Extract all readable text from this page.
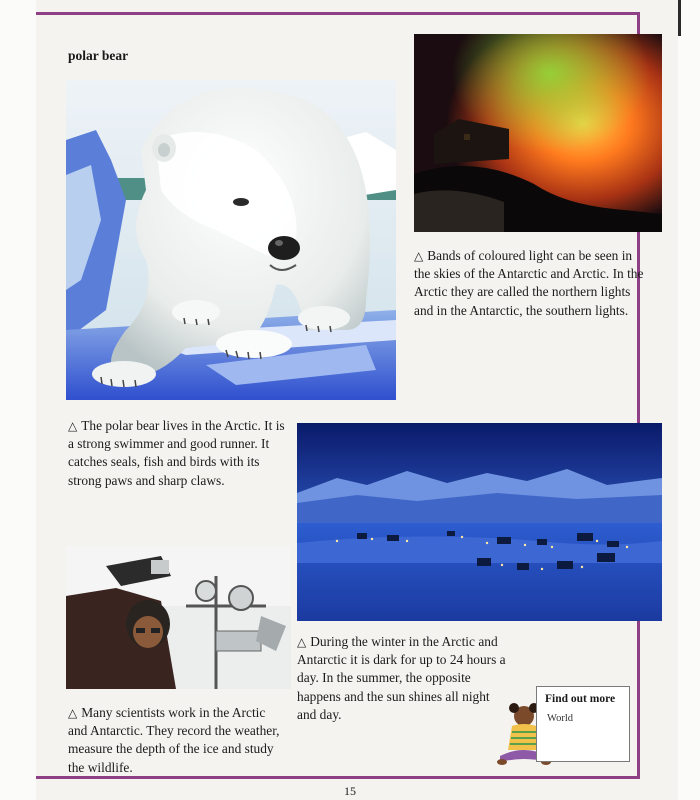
polar bear
△ The polar bear lives in the Arctic. It is a strong swimmer and good runner. It catches seals, fish and birds with its strong paws and sharp claws.
△ Bands of coloured light can be seen in the skies of the Antarctic and Arctic. In the Arctic they are called the northern lights and in the Antarctic, the southern lights.
△ During the winter in the Arctic and Antarctic it is dark for up to 24 hours a day. In the summer, the opposite happens and the sun shines all night and day.
△ Many scientists work in the Arctic and Antarctic. They record the weather, measure the depth of the ice and study the wildlife.
Find out more
World
15
